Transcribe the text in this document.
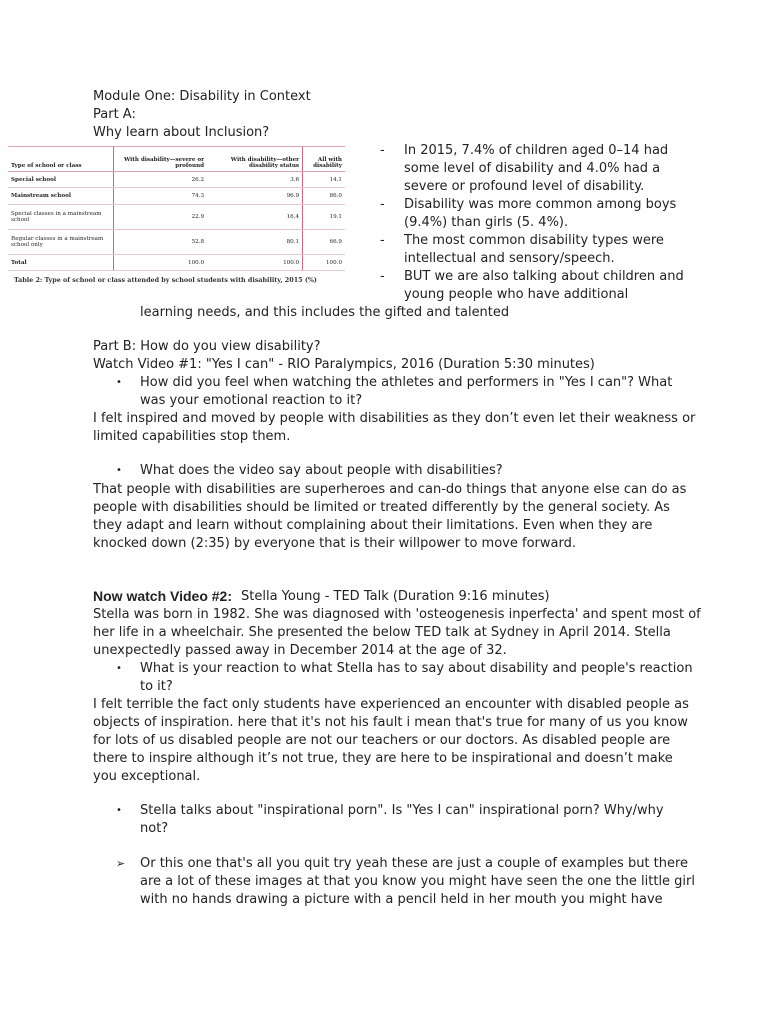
Module One: Disability in Context
Part A:
Why learn about Inclusion?
Type of school or class	With disability—severe or profound	With disability—other disability status	All with disability
Special school	26.2	3.6	14.1
Mainstream school	74.3	96.9	86.0
Special classes in a mainstream school	22.9	16.4	19.1
Regular classes in a mainstream school only	52.8	80.1	66.9
Total	100.0	100.0	100.0
Table 2: Type of school or class attended by school students with disability, 2015 (%)
- In 2015, 7.4% of children aged 0–14 had
some level of disability and 4.0% had a
severe or profound level of disability.
- Disability was more common among boys
(9.4%) than girls (5. 4%).
- The most common disability types were
intellectual and sensory/speech.
- BUT we are also talking about children and
young people who have additional
learning needs, and this includes the gifted and talented
Part B: How do you view disability?
Watch Video #1: "Yes I can" - RIO Paralympics, 2016 (Duration 5:30 minutes)
• How did you feel when watching the athletes and performers in "Yes I can"? What
was your emotional reaction to it?
I felt inspired and moved by people with disabilities as they don’t even let their weakness or
limited capabilities stop them.
• What does the video say about people with disabilities?
That people with disabilities are superheroes and can-do things that anyone else can do as
people with disabilities should be limited or treated differently by the general society. As
they adapt and learn without complaining about their limitations. Even when they are
knocked down (2:35) by everyone that is their willpower to move forward.
Now watch Video #2: Stella Young - TED Talk (Duration 9:16 minutes)
Stella was born in 1982. She was diagnosed with 'osteogenesis inperfecta' and spent most of
her life in a wheelchair. She presented the below TED talk at Sydney in April 2014. Stella
unexpectedly passed away in December 2014 at the age of 32.
• What is your reaction to what Stella has to say about disability and people's reaction
to it?
I felt terrible the fact only students have experienced an encounter with disabled people as
objects of inspiration. here that it's not his fault i mean that's true for many of us you know
for lots of us disabled people are not our teachers or our doctors. As disabled people are
there to inspire although it’s not true, they are here to be inspirational and doesn’t make
you exceptional.
• Stella talks about "inspirational porn". Is "Yes I can" inspirational porn? Why/why
not?
➢ Or this one that's all you quit try yeah these are just a couple of examples but there
are a lot of these images at that you know you might have seen the one the little girl
with no hands drawing a picture with a pencil held in her mouth you might have
